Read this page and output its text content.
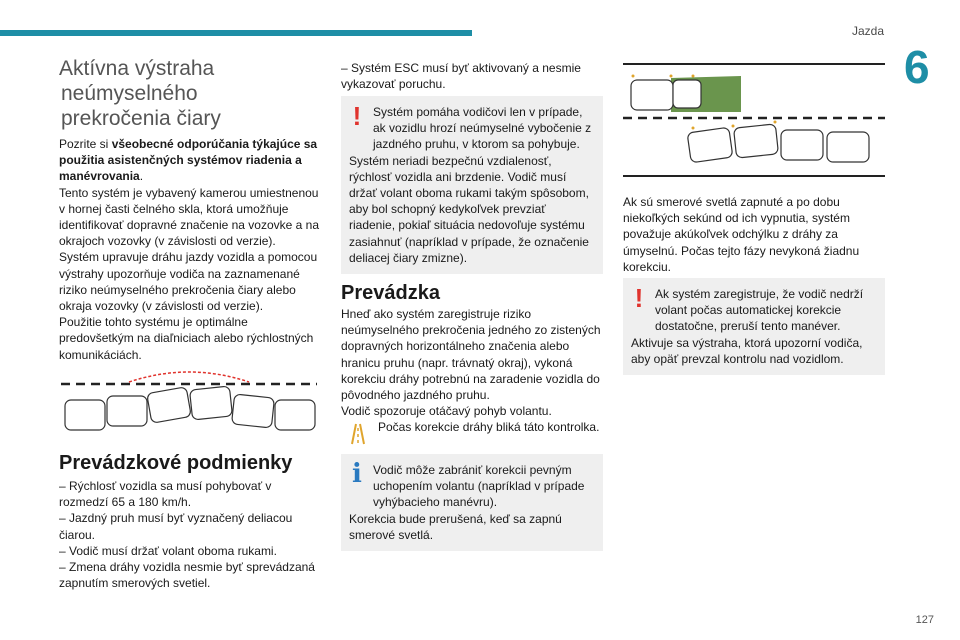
Jazda
6
127
Aktívna výstraha
neúmyselného
prekročenia čiary

Pozrite si všeobecné odporúčania týkajúce sa použitia asistenčných systémov riadenia a manévrovania.

Tento systém je vybavený kamerou umiestnenou v hornej časti čelného skla, ktorá umožňuje identifikovať dopravné značenie na vozovke a na okrajoch vozovky (v závislosti od verzie).

Systém upravuje dráhu jazdy vozidla a pomocou výstrahy upozorňuje vodiča na zaznamenané riziko neúmyselného prekročenia čiary alebo okraja vozovky (v závislosti od verzie).

Použitie tohto systému je optimálne predovšetkým na diaľniciach alebo rýchlostných komunikáciách.

Prevádzkové podmienky

– Rýchlosť vozidla sa musí pohybovať v rozmedzí 65 a 180 km/h.

– Jazdný pruh musí byť vyznačený deliacou čiarou.

– Vodič musí držať volant oboma rukami.

– Zmena dráhy vozidla nesmie byť sprevádzaná zapnutím smerových svetiel.

– Systém ESC musí byť aktivovaný a nesmie vykazovať poruchu.

! Systém pomáha vodičovi len v prípade, ak vozidlu hrozí neúmyselné vybočenie z jazdného pruhu, v ktorom sa pohybuje.

Systém neriadi bezpečnú vzdialenosť, rýchlosť vozidla ani brzdenie. Vodič musí držať volant oboma rukami takým spôsobom, aby bol schopný kedykoľvek prevziať riadenie, pokiaľ situácia nedovoľuje systému zasiahnuť (napríklad v prípade, že označenie deliacej čiary zmizne).

Prevádzka

Hneď ako systém zaregistruje riziko neúmyselného prekročenia jedného zo zistených dopravných horizontálneho značenia alebo hranicu pruhu (napr. trávnatý okraj), vykoná korekciu dráhy potrebnú na zaradenie vozidla do pôvodného jazdného pruhu.

Vodič spozoruje otáčavý pohyb volantu.

Počas korekcie dráhy bliká táto kontrolka.

i Vodič môže zabrániť korekcii pevným uchopením volantu (napríklad v prípade vyhýbacieho manévru).

Korekcia bude prerušená, keď sa zapnú smerové svetlá.

Ak sú smerové svetlá zapnuté a po dobu niekoľkých sekúnd od ich vypnutia, systém považuje akúkoľvek odchýlku z dráhy za úmyselnú. Počas tejto fázy nevykoná žiadnu korekciu.

! Ak systém zaregistruje, že vodič nedrží volant počas automatickej korekcie dostatočne, preruší tento manéver.

Aktivuje sa výstraha, ktorá upozorní vodiča, aby opäť prevzal kontrolu nad vozidlom.
